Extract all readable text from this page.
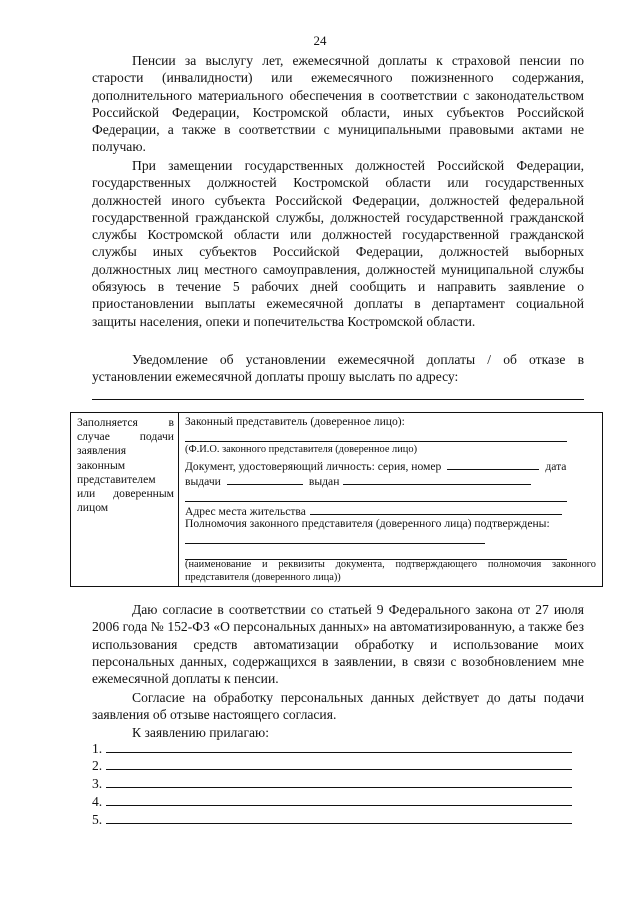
24
Пенсии за выслугу лет, ежемесячной доплаты к страховой пенсии по старости (инвалидности) или ежемесячного пожизненного содержания, дополнительного материального обеспечения в соответствии с законодательством Российской Федерации, Костромской области, иных субъектов Российской Федерации, а также в соответствии с муниципальными правовыми актами не получаю.
При замещении государственных должностей Российской Федерации, государственных должностей Костромской области или государственных должностей иного субъекта Российской Федерации, должностей федеральной государственной гражданской службы, должностей государственной гражданской службы Костромской области или должностей государственной гражданской службы иных субъектов Российской Федерации, должностей выборных должностных лиц местного самоуправления, должностей муниципальной службы обязуюсь в течение 5 рабочих дней сообщить и направить заявление о приостановлении выплаты ежемесячной доплаты в департамент социальной защиты населения, опеки и попечительства Костромской области.
Уведомление об установлении ежемесячной доплаты / об отказе в установлении ежемесячной доплаты прошу выслать по адресу:
Заполняется в случае подачи заявления законным представителем или доверенным лицом
Законный представитель (доверенное лицо):
(Ф.И.О. законного представителя (доверенное лицо)
Документ, удостоверяющий личность: серия, номер	дата
выдачи	выдан
Адрес места жительства
Полномочия законного представителя (доверенного лица) подтверждены:
(наименование и реквизиты документа, подтверждающего полномочия законного представителя (доверенного лица))
Даю согласие в соответствии со статьей 9 Федерального закона от 27 июля 2006 года № 152-ФЗ «О персональных данных» на автоматизированную, а также без использования средств автоматизации обработку и использование моих персональных данных, содержащихся в заявлении, в связи с возобновлением мне ежемесячной доплаты к пенсии.
Согласие на обработку персональных данных действует до даты подачи заявления об отзыве настоящего согласия.
К заявлению прилагаю:
1.
2.
3.
4.
5.
